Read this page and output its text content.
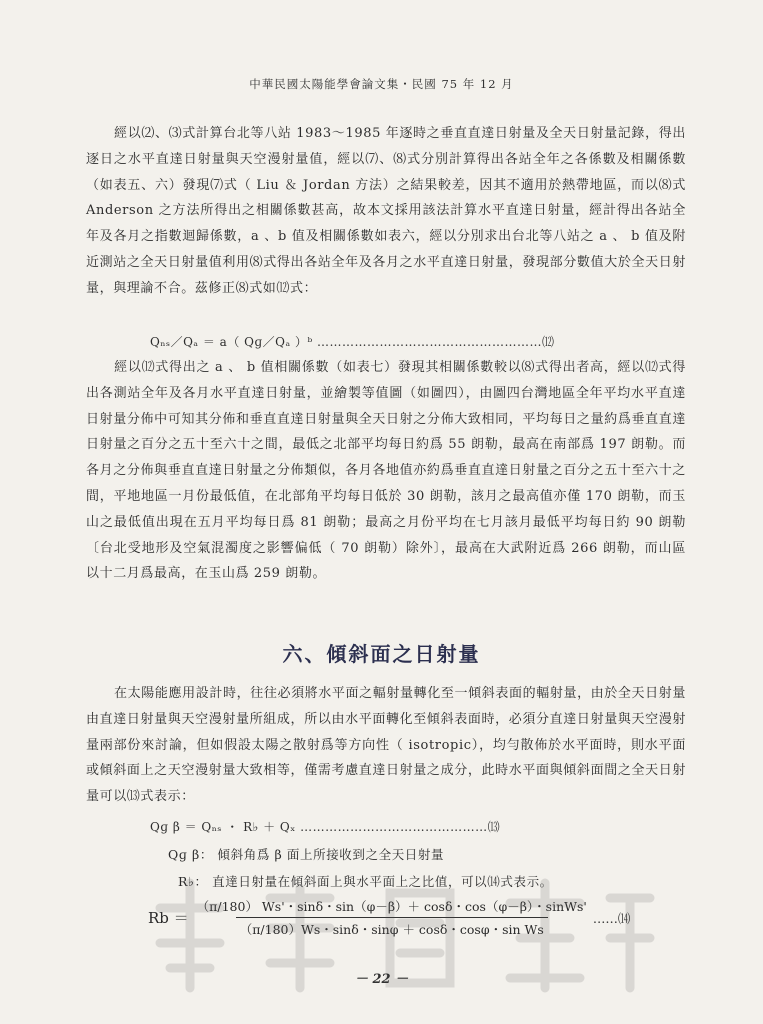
中華民國太陽能學會論文集・民國 75 年 12 月
經以⑵、⑶式計算台北等八站 1983～1985 年逐時之垂直直達日射量及全天日射量記錄，得出逐日之水平直達日射量與天空漫射量值，經以⑺、⑻式分別計算得出各站全年之各係數及相關係數（如表五、六）發現⑺式（ Liu ＆ Jordan 方法）之結果較差，因其不適用於熱帶地區，而以⑻式 Anderson 之方法所得出之相關係數甚高，故本文採用該法計算水平直達日射量，經計得出各站全年及各月之指數迴歸係數，a 、b 值及相關係數如表六，經以分別求出台北等八站之 a 、 b 值及附近測站之全天日射量值利用⑻式得出各站全年及各月之水平直達日射量，發現部分數值大於全天日射量，與理論不合。茲修正⑻式如⑿式：
Qₙₛ／Qₐ ＝ a（ Qɡ／Qₐ ）ᵇ ………………………………………………⑿
經以⑿式得出之 a 、 b 值相關係數（如表七）發現其相關係數較以⑻式得出者高，經以⑿式得出各測站全年及各月水平直達日射量，並繪製等值圖（如圖四），由圖四台灣地區全年平均水平直達日射量分佈中可知其分佈和垂直直達日射量與全天日射之分佈大致相同，平均每日之量約爲垂直直達日射量之百分之五十至六十之間，最低之北部平均每日約爲 55 朗勒，最高在南部爲 197 朗勒。而各月之分佈與垂直直達日射量之分佈類似，各月各地值亦約爲垂直直達日射量之百分之五十至六十之間，平地地區一月份最低值，在北部角平均每日低於 30 朗勒，該月之最高值亦僅 170 朗勒，而玉山之最低值出現在五月平均每日爲 81 朗勒；最高之月份平均在七月該月最低平均每日約 90 朗勒〔台北受地形及空氣混濁度之影響偏低（ 70 朗勒）除外〕，最高在大武附近爲 266 朗勒，而山區以十二月爲最高，在玉山爲 259 朗勒。
六、傾斜面之日射量
在太陽能應用設計時，往往必須將水平面之輻射量轉化至一傾斜表面的輻射量，由於全天日射量由直達日射量與天空漫射量所組成，所以由水平面轉化至傾斜表面時，必須分直達日射量與天空漫射量兩部份來討論，但如假設太陽之散射爲等方向性（ isotropic），均勻散佈於水平面時，則水平面或傾斜面上之天空漫射量大致相等，僅需考慮直達日射量之成分，此時水平面與傾斜面間之全天日射量可以⒀式表示：
Qɡ β ＝ Qₙₛ ・ R♭ ＋ Qₓ ………………………………………⒀
Qɡ β： 傾斜角爲 β 面上所接收到之全天日射量
R♭： 直達日射量在傾斜面上與水平面上之比值，可以⒁式表示。
$Rb = \frac{\text{（π/180） Ws'・sinδ・sin（φ－β）＋ cosδ・cos（φ－β）・sinWs'}}{\text{（π/180）Ws・sinδ・sinφ ＋ cosδ・cosφ・sin Ws}}$ ……⒁
－ 22 －
